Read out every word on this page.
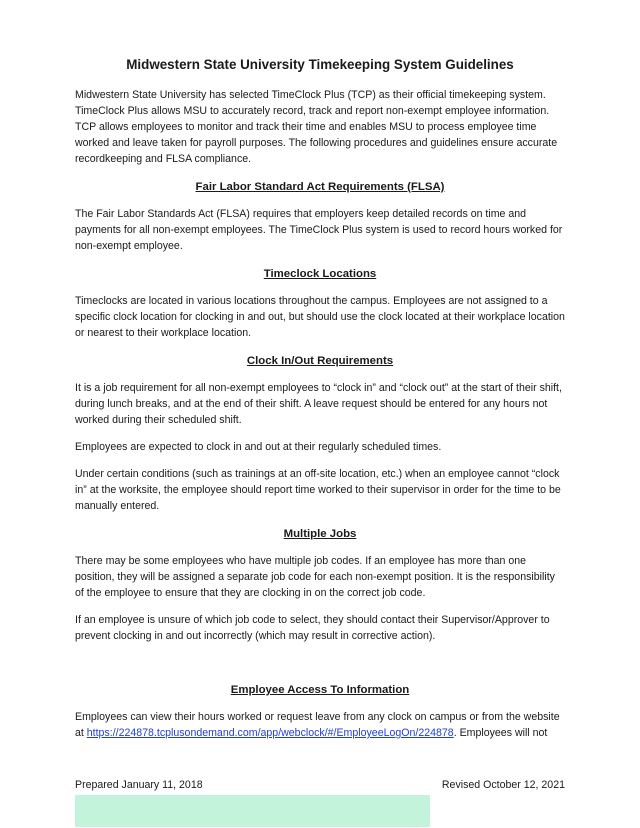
Midwestern State University Timekeeping System Guidelines

Midwestern State University has selected TimeClock Plus (TCP) as their official timekeeping system. TimeClock Plus allows MSU to accurately record, track and report non-exempt employee information. TCP allows employees to monitor and track their time and enables MSU to process employee time worked and leave taken for payroll purposes. The following procedures and guidelines ensure accurate recordkeeping and FLSA compliance.

Fair Labor Standard Act Requirements (FLSA)

The Fair Labor Standards Act (FLSA) requires that employers keep detailed records on time and payments for all non-exempt employees. The TimeClock Plus system is used to record hours worked for non-exempt employee.

Timeclock Locations

Timeclocks are located in various locations throughout the campus. Employees are not assigned to a specific clock location for clocking in and out, but should use the clock located at their workplace location or nearest to their workplace location.

Clock In/Out Requirements

It is a job requirement for all non-exempt employees to “clock in” and “clock out” at the start of their shift, during lunch breaks, and at the end of their shift. A leave request should be entered for any hours not worked during their scheduled shift.

Employees are expected to clock in and out at their regularly scheduled times.

Under certain conditions (such as trainings at an off-site location, etc.) when an employee cannot “clock in” at the worksite, the employee should report time worked to their supervisor in order for the time to be manually entered.

Multiple Jobs

There may be some employees who have multiple job codes. If an employee has more than one position, they will be assigned a separate job code for each non-exempt position. It is the responsibility of the employee to ensure that they are clocking in on the correct job code.

If an employee is unsure of which job code to select, they should contact their Supervisor/Approver to prevent clocking in and out incorrectly (which may result in corrective action).

Employee Access To Information

Employees can view their hours worked or request leave from any clock on campus or from the website at https://224878.tcplusondemand.com/app/webclock/#/EmployeeLogOn/224878. Employees will not

Prepared January 11, 2018	Revised October 12, 2021
